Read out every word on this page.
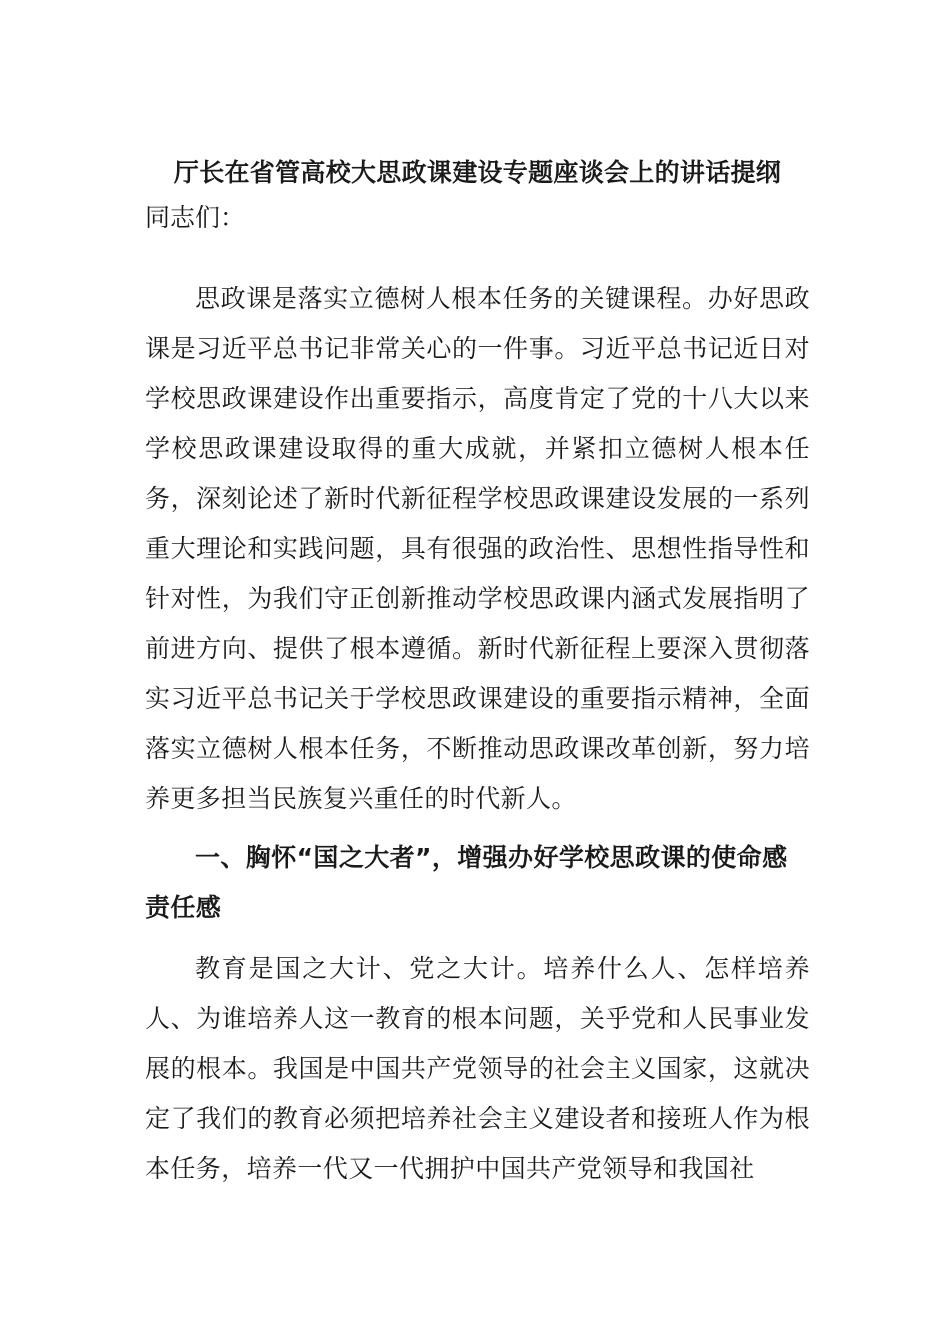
厅长在省管高校大思政课建设专题座谈会上的讲话提纲

同志们：

思政课是落实立德树人根本任务的关键课程。办好思政课是习近平总书记非常关心的一件事。习近平总书记近日对学校思政课建设作出重要指示，高度肯定了党的十八大以来学校思政课建设取得的重大成就，并紧扣立德树人根本任务，深刻论述了新时代新征程学校思政课建设发展的一系列重大理论和实践问题，具有很强的政治性、思想性指导性和针对性，为我们守正创新推动学校思政课内涵式发展指明了前进方向、提供了根本遵循。新时代新征程上要深入贯彻落实习近平总书记关于学校思政课建设的重要指示精神，全面落实立德树人根本任务，不断推动思政课改革创新，努力培养更多担当民族复兴重任的时代新人。

一、胸怀“国之大者”，增强办好学校思政课的使命感责任感

教育是国之大计、党之大计。培养什么人、怎样培养人、为谁培养人这一教育的根本问题，关乎党和人民事业发展的根本。我国是中国共产党领导的社会主义国家，这就决定了我们的教育必须把培养社会主义建设者和接班人作为根本任务，培养一代又一代拥护中国共产党领导和我国社
